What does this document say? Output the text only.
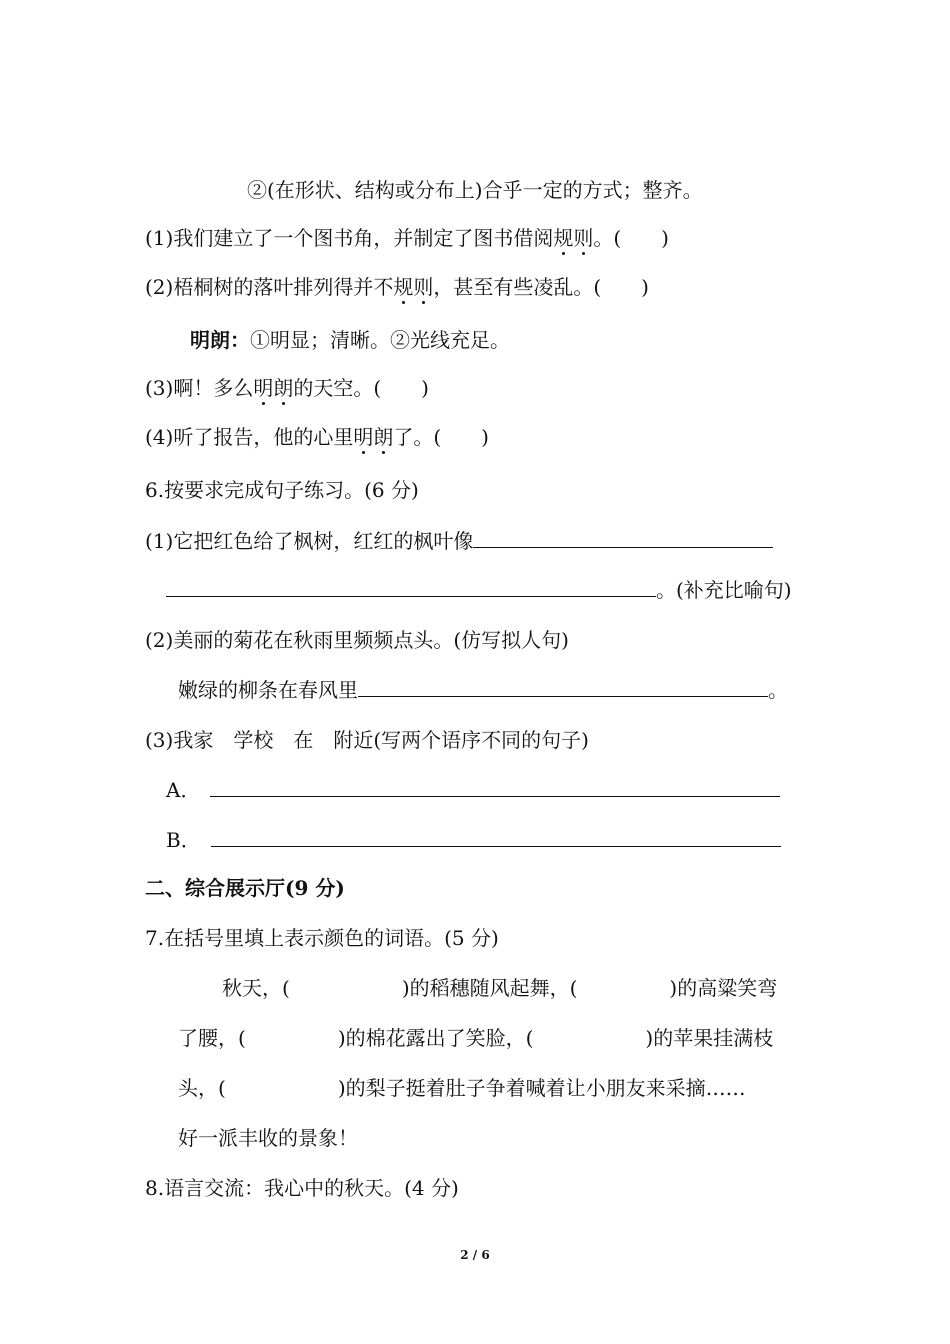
②(在形状、结构或分布上)合乎一定的方式；整齐。
(1)我们建立了一个图书角，并制定了图书借阅规则。(　　)
(2)梧桐树的落叶排列得并不规则，甚至有些凌乱。(　　)
明朗：①明显；清晰。②光线充足。
(3)啊！多么明朗的天空。(　　)
(4)听了报告，他的心里明朗了。(　　)
6.按要求完成句子练习。(6 分)
(1)它把红色给了枫树，红红的枫叶像
。(补充比喻句)
(2)美丽的菊花在秋雨里频频点头。(仿写拟人句)
嫩绿的柳条在春风里	。
(3)我家　学校　在　附近(写两个语序不同的句子)
A．
B．
二、综合展示厅(9 分)
7.在括号里填上表示颜色的词语。(5 分)
秋天，(	)的稻穗随风起舞，(	)的高粱笑弯
了腰，(	)的棉花露出了笑脸，(	)的苹果挂满枝
头，(	)的梨子挺着肚子争着喊着让小朋友来采摘……
好一派丰收的景象！
8.语言交流：我心中的秋天。(4 分)
2 / 6
